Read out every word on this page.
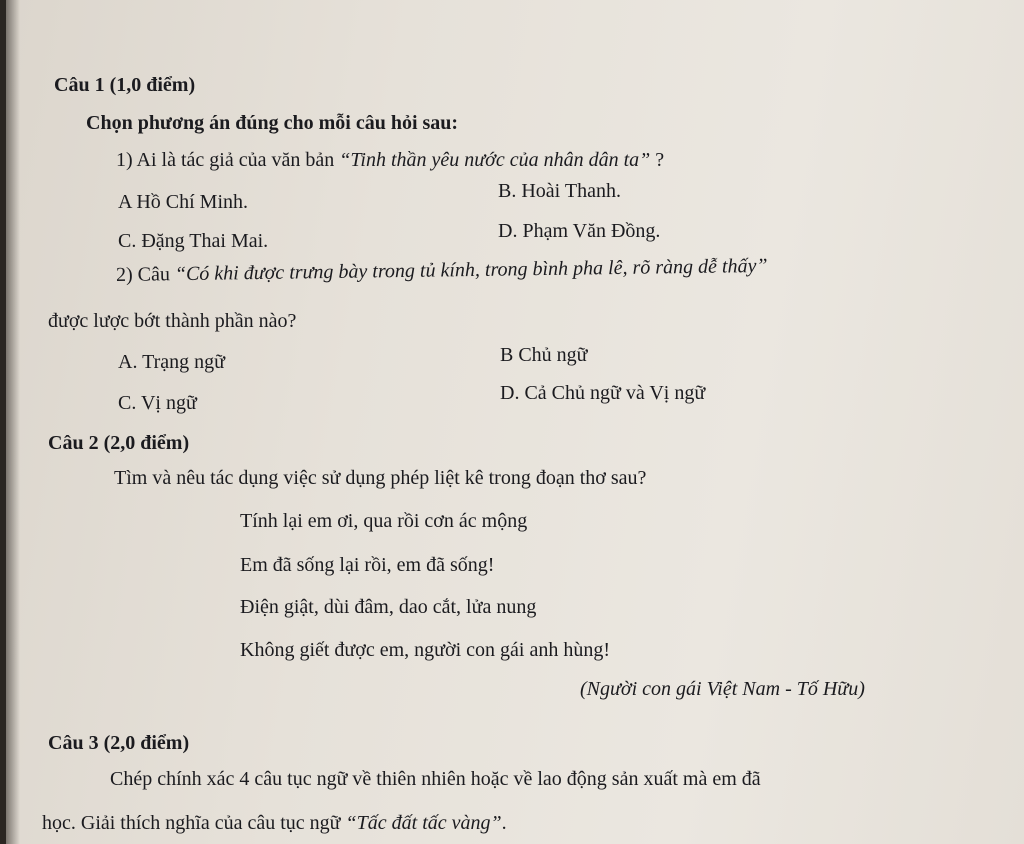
Câu 1 (1,0 điểm)
Chọn phương án đúng cho mỗi câu hỏi sau:
1) Ai là tác giả của văn bản “Tinh thần yêu nước của nhân dân ta” ?
A Hồ Chí Minh.	B. Hoài Thanh.
C. Đặng Thai Mai.	D. Phạm Văn Đồng.
2) Câu “Có khi được trưng bày trong tủ kính, trong bình pha lê, rõ ràng dễ thấy”
được lược bớt thành phần nào?
A. Trạng ngữ	B Chủ ngữ
C. Vị ngữ	D. Cả Chủ ngữ và Vị ngữ
Câu 2 (2,0 điểm)
Tìm và nêu tác dụng việc sử dụng phép liệt kê trong đoạn thơ sau?
Tính lại em ơi, qua rồi cơn ác mộng
Em đã sống lại rồi, em đã sống!
Điện giật, dùi đâm, dao cắt, lửa nung
Không giết được em, người con gái anh hùng!
(Người con gái Việt Nam - Tố Hữu)
Câu 3 (2,0 điểm)
Chép chính xác 4 câu tục ngữ về thiên nhiên hoặc về lao động sản xuất mà em đã
học. Giải thích nghĩa của câu tục ngữ “Tấc đất tấc vàng”.
